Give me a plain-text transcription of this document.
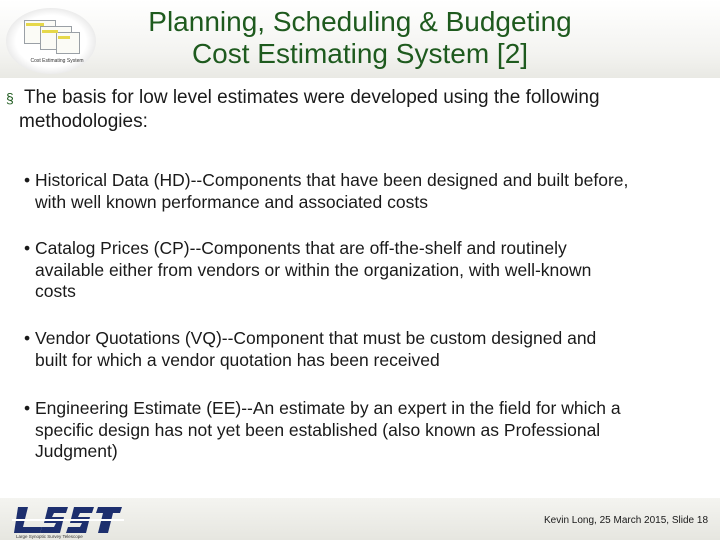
Cost Estimating System
Planning, Scheduling & Budgeting
Cost Estimating System [2]
§ The basis for low level estimates were developed using the following
methodologies:
• Historical Data (HD)--Components that have been designed and built before,
with well known performance and associated costs
• Catalog Prices (CP)--Components that are off-the-shelf and routinely
available either from vendors or within the organization, with well-known
costs
• Vendor Quotations (VQ)--Component that must be custom designed and
built for which a vendor quotation has been received
• Engineering Estimate (EE)--An estimate by an expert in the field for which a
specific design has not yet been established (also known as Professional
Judgment)
Large Synoptic Survey Telescope
Kevin Long, 25 March 2015, Slide 18
